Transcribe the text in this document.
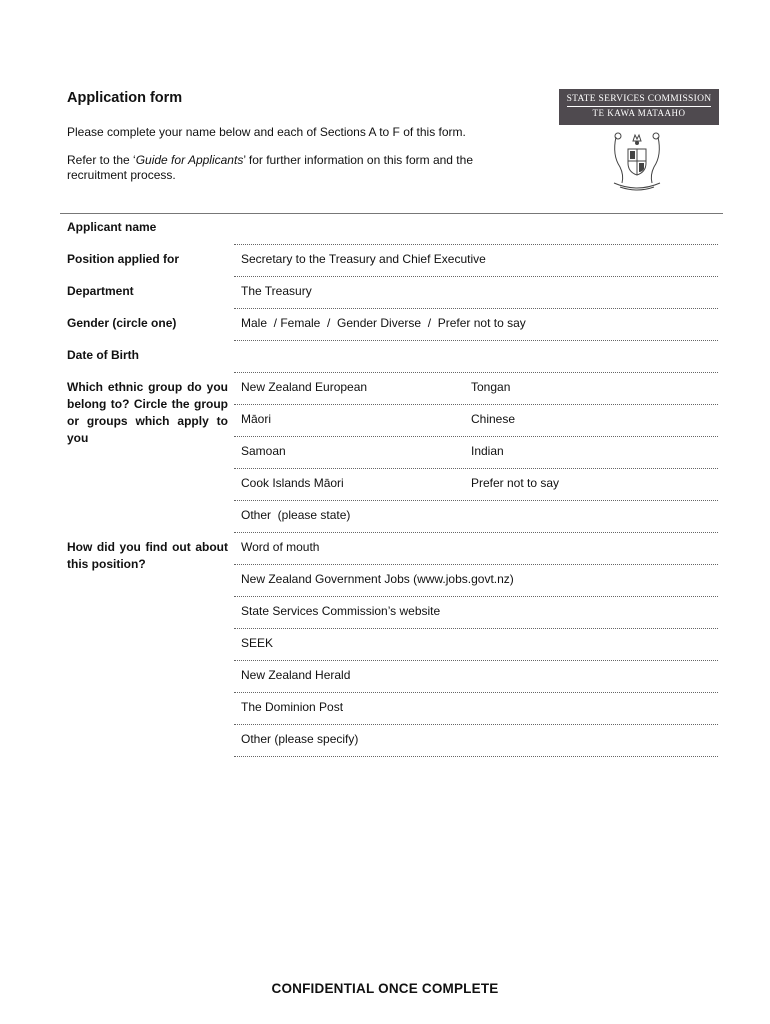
Application form
Please complete your name below and each of Sections A to F of this form.
Refer to the ‘Guide for Applicants’ for further information on this form and the recruitment process.
STATE SERVICES COMMISSION
TE KAWA MATAAHO
Applicant name
Position applied for	Secretary to the Treasury and Chief Executive
Department	The Treasury
Gender (circle one)	Male  / Female  /  Gender Diverse  /  Prefer not to say
Date of Birth
Which ethnic group do you belong to? Circle the group or groups which apply to you
New Zealand European	Tongan
Māori	Chinese
Samoan	Indian
Cook Islands Māori	Prefer not to say
Other  (please state)
How did you find out about this position?
Word of mouth
New Zealand Government Jobs (www.jobs.govt.nz)
State Services Commission’s website
SEEK
New Zealand Herald
The Dominion Post
Other (please specify)
CONFIDENTIAL ONCE COMPLETE
